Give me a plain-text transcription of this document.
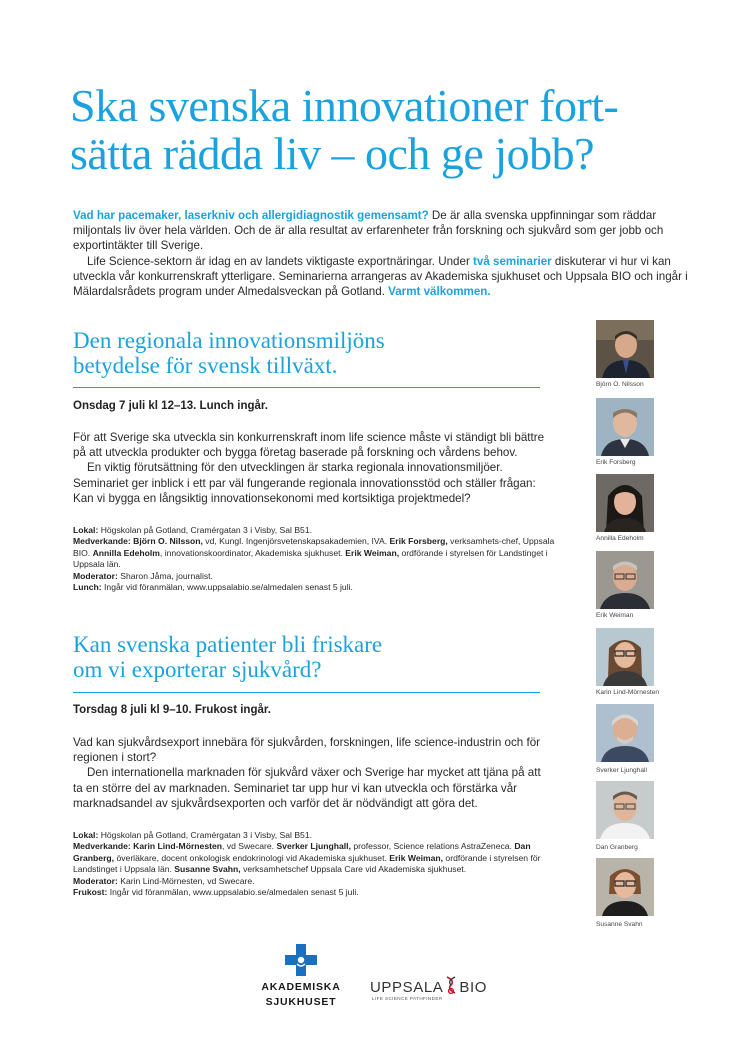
Ska svenska innovationer fort-
sätta rädda liv – och ge jobb?

Vad har pacemaker, laserkniv och allergidiagnostik gemensamt? De är alla svenska uppfinningar som räddar miljontals liv över hela världen. Och de är alla resultat av erfarenheter från forskning och sjukvård som ger jobb och exportintäkter till Sverige.

Life Science-sektorn är idag en av landets viktigaste exportnäringar. Under två seminarier diskuterar vi hur vi kan utveckla vår konkurrenskraft ytterligare. Seminarierna arrangeras av Akademiska sjukhuset och Uppsala BIO och ingår i Mälardalsrådets program under Almedalsveckan på Gotland. Varmt välkommen.

Den regionala innovationsmiljöns
betydelse för svensk tillväxt.
Onsdag 7 juli kl 12–13. Lunch ingår.

För att Sverige ska utveckla sin konkurrenskraft inom life science måste vi ständigt bli bättre på att utveckla produkter och bygga företag baserade på forskning och vårdens behov.

En viktig förutsättning för den utvecklingen är starka regionala innovationsmiljöer. Seminariet ger inblick i ett par väl fungerande regionala innovationsstöd och ställer frågan: Kan vi bygga en långsiktig innovationsekonomi med kortsiktiga projektmedel?

Lokal: Högskolan på Gotland, Cramérgatan 3 i Visby, Sal B51.

Medverkande: Björn O. Nilsson, vd, Kungl. Ingenjörsvetenskapsakademien, IVA. Erik Forsberg, verksamhets-chef, Uppsala BIO. Annilla Edeholm, innovationskoordinator, Akademiska sjukhuset. Erik Weiman, ordförande i styrelsen för Landstinget i Uppsala län.

Moderator: Sharon Jåma, journalist.

Lunch: Ingår vid föranmälan, www.uppsalabio.se/almedalen senast 5 juli.

Kan svenska patienter bli friskare
om vi exporterar sjukvård?
Torsdag 8 juli kl 9–10. Frukost ingår.

Vad kan sjukvårdsexport innebära för sjukvården, forskningen, life science-industrin och för regionen i stort?

Den internationella marknaden för sjukvård växer och Sverige har mycket att tjäna på att ta en större del av marknaden. Seminariet tar upp hur vi kan utveckla och förstärka vår marknadsandel av sjukvårdsexporten och varför det är nödvändigt att göra det.

Lokal: Högskolan på Gotland, Cramérgatan 3 i Visby, Sal B51.

Medverkande: Karin Lind-Mörnesten, vd Swecare. Sverker Ljunghall, professor, Science relations AstraZeneca. Dan Granberg, överläkare, docent onkologisk endokrinologi vid Akademiska sjukhuset. Erik Weiman, ordförande i styrelsen för Landstinget i Uppsala län. Susanne Svahn, verksamhetschef Uppsala Care vid Akademiska sjukhuset.

Moderator: Karin Lind-Mörnesten, vd Swecare.

Frukost: Ingår vid föranmälan, www.uppsalabio.se/almedalen senast 5 juli.

Björn O. Nilsson
Erik Forsberg
Annilla Edeholm
Erik Weiman
Karin Lind-Mörnesten
Sverker Ljunghall
Dan Granberg
Susanne Svahn
AKADEMISKA
SJUKHUSET
UPPSALA BIO
LIFE SCIENCE PATHFINDER
